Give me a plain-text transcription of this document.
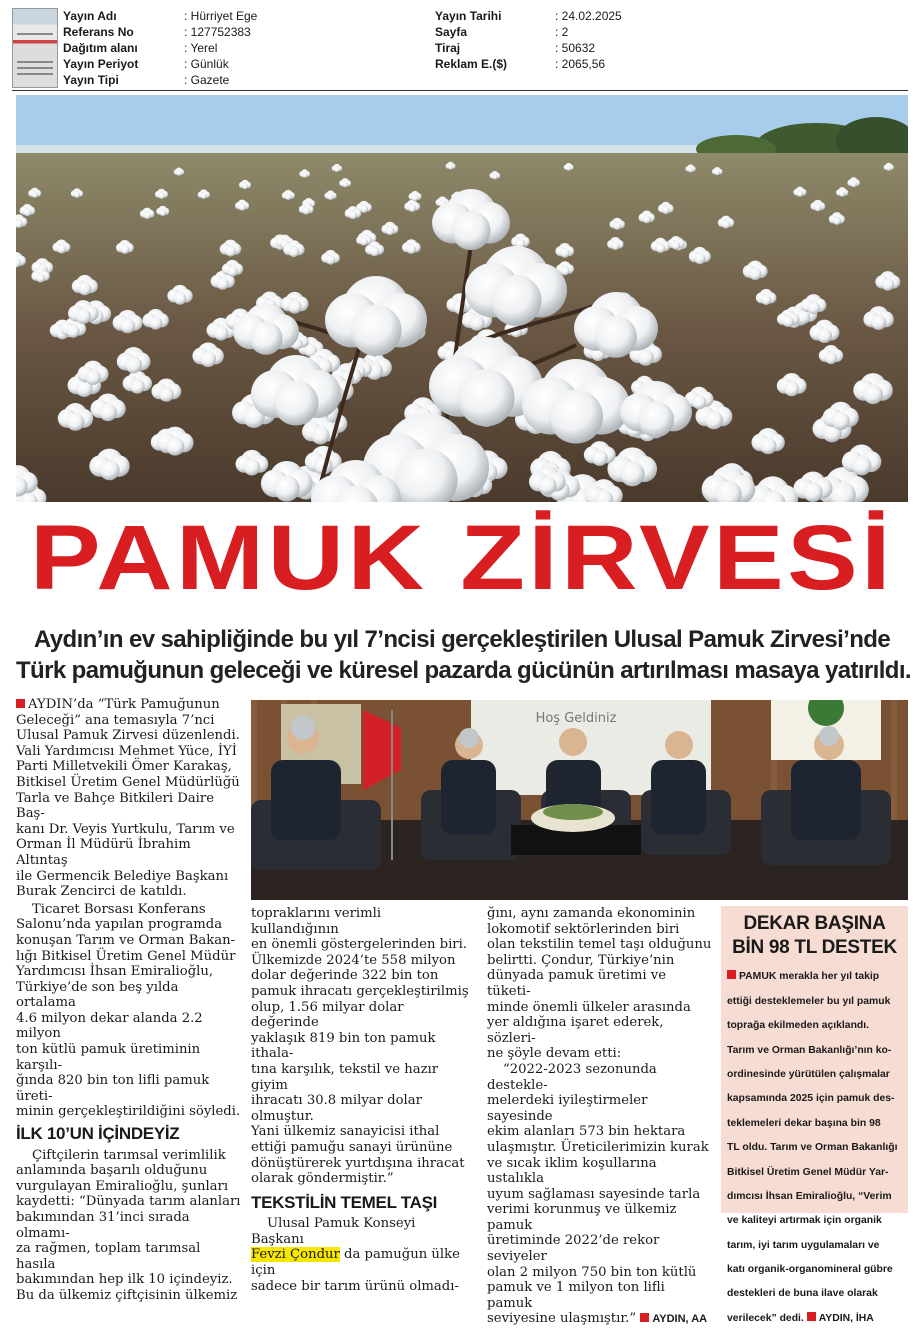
Yayın Adı	: Hürriyet Ege
Referans No	: 127752383
Dağıtım alanı	: Yerel
Yayın Periyot	: Günlük
Yayın Tipi	: Gazete
Yayın Tarihi	: 24.02.2025
Sayfa	: 2
Tiraj	: 50632
Reklam E.($)	: 2065,56
PAMUK ZİRVESİ
Aydın’ın ev sahipliğinde bu yıl 7’ncisi gerçekleştirilen Ulusal Pamuk Zirvesi’nde
Türk pamuğunun geleceği ve küresel pazarda gücünün artırılması masaya yatırıldı.

AYDIN’da “Türk Pamuğunun

Geleceği” ana temasıyla 7’nci

Ulusal Pamuk Zirvesi düzenlendi.

Vali Yardımcısı Mehmet Yüce, İYİ

Parti Milletvekili Ömer Karakaş,

Bitkisel Üretim Genel Müdürlüğü

Tarla ve Bahçe Bitkileri Daire Baş-

kanı Dr. Veyis Yurtkulu, Tarım ve

Orman İl Müdürü İbrahim Altıntaş

ile Germencik Belediye Başkanı

Burak Zencirci de katıldı.

Ticaret Borsası Konferans

Salonu’nda yapılan programda

konuşan Tarım ve Orman Bakan-

lığı Bitkisel Üretim Genel Müdür

Yardımcısı İhsan Emiralioğlu,

Türkiye’de son beş yılda ortalama

4.6 milyon dekar alanda 2.2 milyon

ton kütlü pamuk üretiminin karşılı-

ğında 820 bin ton lifli pamuk üreti-

minin gerçekleştirildiğini söyledi.

İLK 10’UN İÇİNDEYİZ

Çiftçilerin tarımsal verimlilik

anlamında başarılı olduğunu

vurgulayan Emiralioğlu, şunları

kaydetti: “Dünyada tarım alanları

bakımından 31’inci sırada olmamı-

za rağmen, toplam tarımsal hasıla

bakımından hep ilk 10 içindeyiz.

Bu da ülkemiz çiftçisinin ülkemiz

Hoş Geldiniz

topraklarını verimli kullandığının

en önemli göstergelerinden biri.

Ülkemizde 2024’te 558 milyon

dolar değerinde 322 bin ton

pamuk ihracatı gerçekleştirilmiş

olup, 1.56 milyar dolar değerinde

yaklaşık 819 bin ton pamuk ithala-

tına karşılık, tekstil ve hazır giyim

ihracatı 30.8 milyar dolar olmuştur.

Yani ülkemiz sanayicisi ithal

ettiği pamuğu sanayi ürününe

dönüştürerek yurtdışına ihracat

olarak göndermiştir.”

TEKSTİLİN TEMEL TAŞI

Ulusal Pamuk Konseyi Başkanı

Fevzi Çondur da pamuğun ülke için

sadece bir tarım ürünü olmadı-

ğını, aynı zamanda ekonominin

lokomotif sektörlerinden biri

olan tekstilin temel taşı olduğunu

belirtti. Çondur, Türkiye’nin

dünyada pamuk üretimi ve tüketi-

minde önemli ülkeler arasında

yer aldığına işaret ederek, sözleri-

ne şöyle devam etti:

“2022-2023 sezonunda destekle-

melerdeki iyileştirmeler sayesinde

ekim alanları 573 bin hektara

ulaşmıştır. Üreticilerimizin kurak

ve sıcak iklim koşullarına ustalıkla

uyum sağlaması sayesinde tarla

verimi korunmuş ve ülkemiz pamuk

üretiminde 2022’de rekor seviyeler

olan 2 milyon 750 bin ton kütlü

pamuk ve 1 milyon ton lifli pamuk

seviyesine ulaşmıştır.” AYDIN, AA

DEKAR BAŞINA
BİN 98 TL DESTEK

PAMUK meraklа her yıl takip

ettiği desteklemeler bu yıl pamuk

toprağa ekilmeden açıklandı.

Tarım ve Orman Bakanlığı’nın ko-

ordinesinde yürütülen çalışmalar

kapsamında 2025 için pamuk des-

teklemeleri dekar başına bin 98

TL oldu. Tarım ve Orman Bakanlığı

Bitkisel Üretim Genel Müdür Yar-

dımcısı İhsan Emiralioğlu, “Verim

ve kaliteyi artırmak için organik

tarım, iyi tarım uygulamaları ve

katı organik-organomineral gübre

destekleri de buna ilave olarak

verilecek” dedi. AYDIN, İHA
